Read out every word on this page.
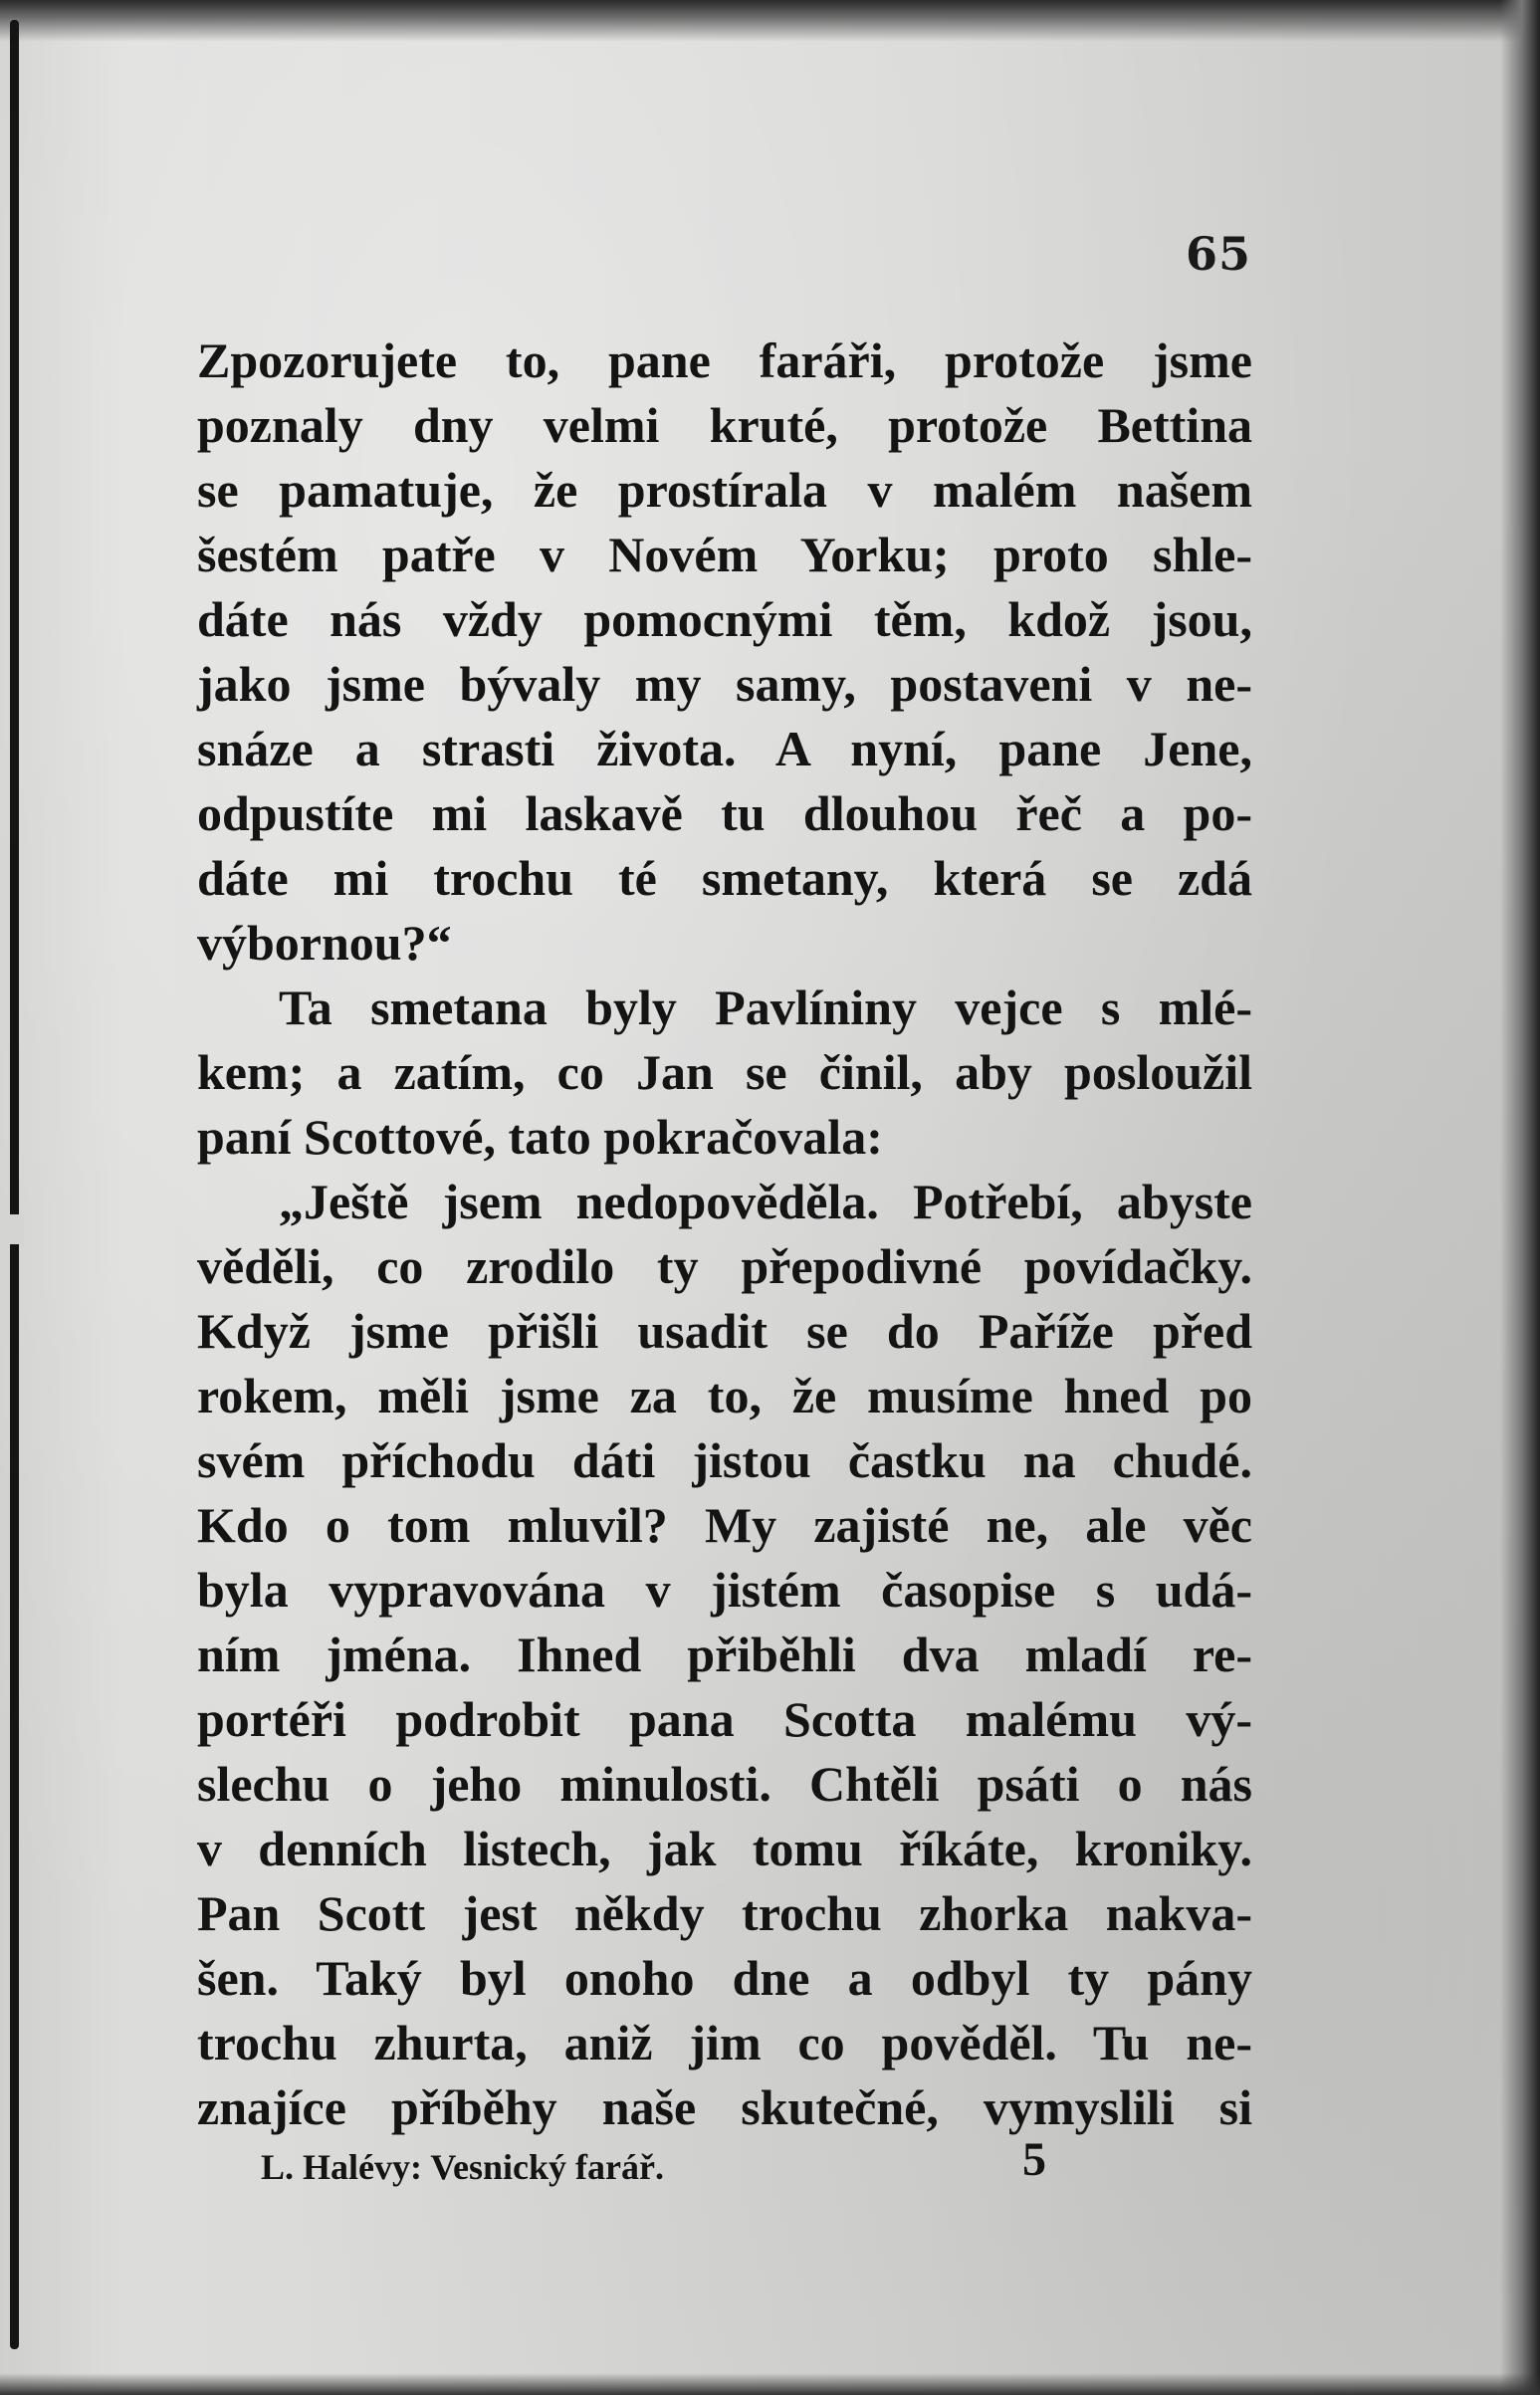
65
Zpozorujete to, pane faráři, protože jsme
poznaly dny velmi kruté, protože Bettina
se pamatuje, že prostírala v malém našem
šestém patře v Novém Yorku; proto shle-
dáte nás vždy pomocnými těm, kdož jsou,
jako jsme bývaly my samy, postaveni v ne-
snáze a strasti života. A nyní, pane Jene,
odpustíte mi laskavě tu dlouhou řeč a po-
dáte mi trochu té smetany, která se zdá
výbornou?“
Ta smetana byly Pavlíniny vejce s mlé-
kem; a zatím, co Jan se činil, aby posloužil
paní Scottové, tato pokračovala:
„Ještě jsem nedopověděla. Potřebí, abyste
věděli, co zrodilo ty přepodivné povídačky.
Když jsme přišli usadit se do Paříže před
rokem, měli jsme za to, že musíme hned po
svém příchodu dáti jistou častku na chudé.
Kdo o tom mluvil? My zajisté ne, ale věc
byla vypravována v jistém časopise s udá-
ním jména. Ihned přiběhli dva mladí re-
portéři podrobit pana Scotta malému vý-
slechu o jeho minulosti. Chtěli psáti o nás
v denních listech, jak tomu říkáte, kroniky.
Pan Scott jest někdy trochu zhorka nakva-
šen. Taký byl onoho dne a odbyl ty pány
trochu zhurta, aniž jim co pověděl. Tu ne-
znajíce příběhy naše skutečné, vymyslili si
L. Halévy: Vesnický farář.	5
